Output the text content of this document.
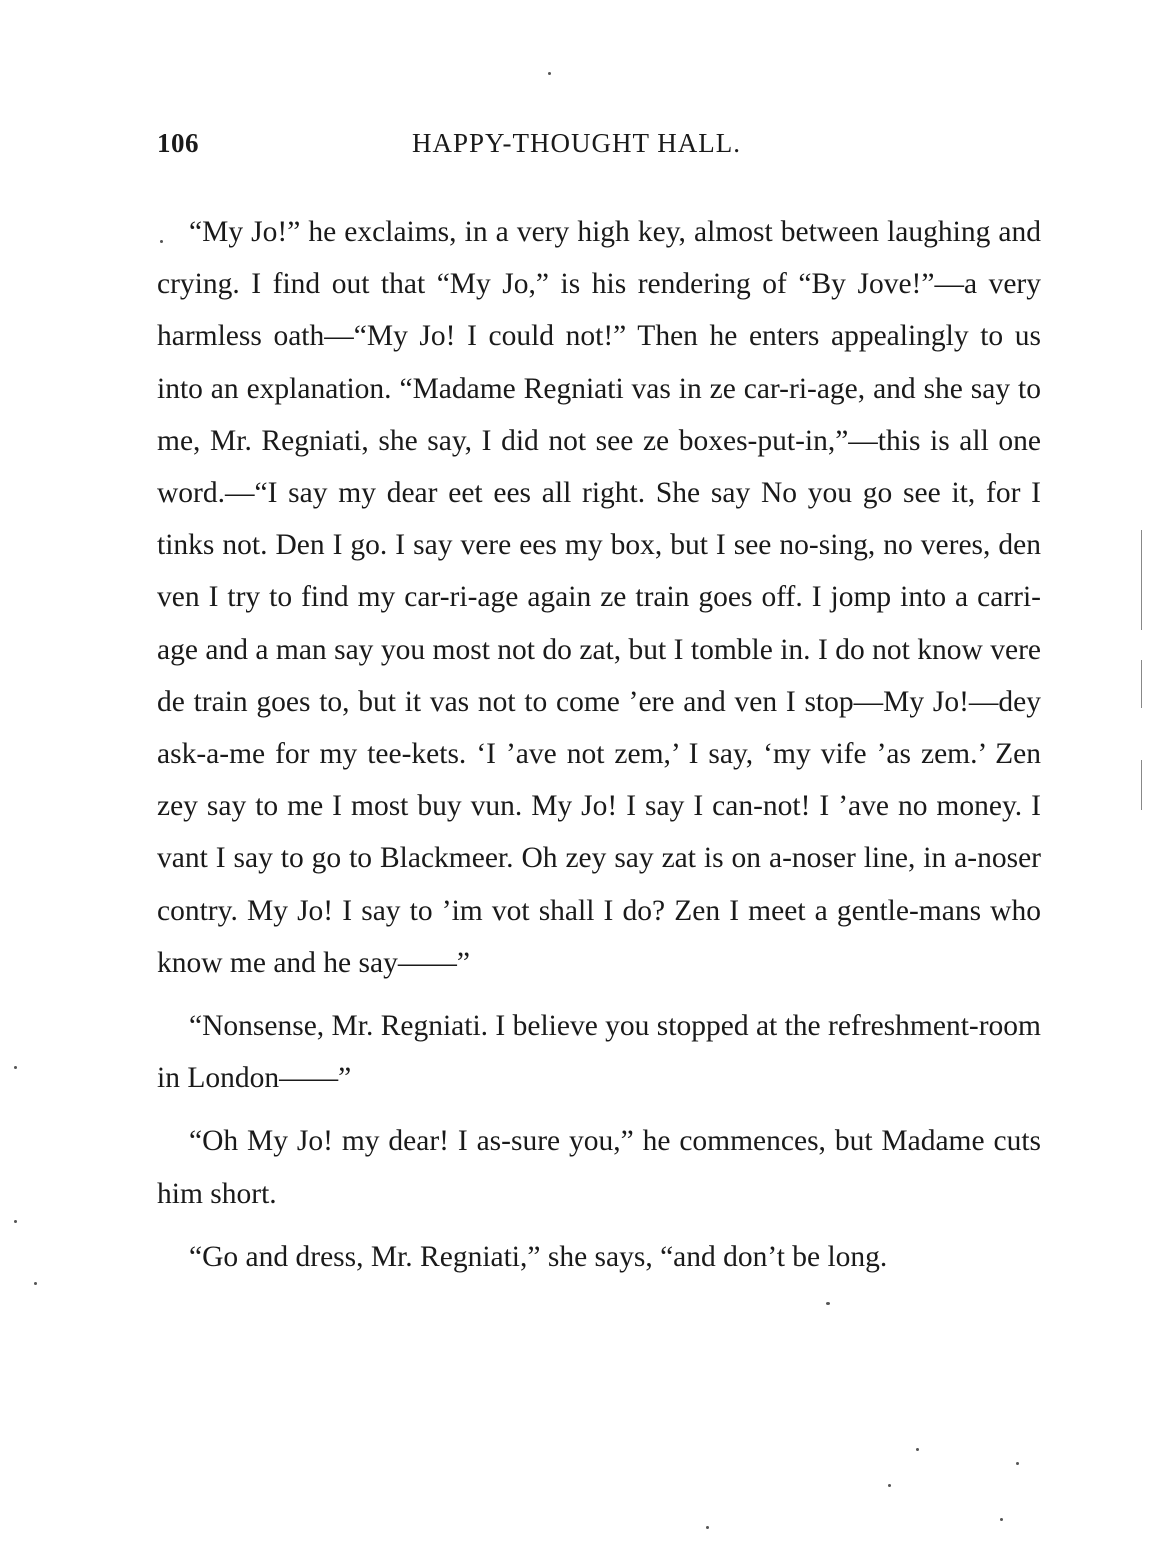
106	HAPPY-THOUGHT HALL.

“My Jo!” he exclaims, in a very high key, almost between laughing and crying. I find out that “My Jo,” is his rendering of “By Jove!”—a very harmless oath—“My Jo! I could not!” Then he enters appealingly to us into an explanation. “Madame Regniati vas in ze car-ri-age, and she say to me, Mr. Regniati, she say, I did not see ze boxes-put-in,”—this is all one word.—“I say my dear eet ees all right. She say No you go see it, for I tinks not. Den I go. I say vere ees my box, but I see no-sing, no veres, den ven I try to find my car-ri-age again ze train goes off. I jomp into a carri-age and a man say you most not do zat, but I tomble in. I do not know vere de train goes to, but it vas not to come ’ere and ven I stop—My Jo!—dey ask-a-me for my tee-kets. ‘I ’ave not zem,’ I say, ‘my vife ’as zem.’ Zen zey say to me I most buy vun. My Jo! I say I can-not! I ’ave no money. I vant I say to go to Blackmeer. Oh zey say zat is on a-noser line, in a-noser contry. My Jo! I say to ’im vot shall I do? Zen I meet a gentle-mans who know me and he say——”

“Nonsense, Mr. Regniati. I believe you stopped at the refreshment-room in London——”

“Oh My Jo! my dear! I as-sure you,” he commences, but Madame cuts him short.

“Go and dress, Mr. Regniati,” she says, “and don’t be long.
